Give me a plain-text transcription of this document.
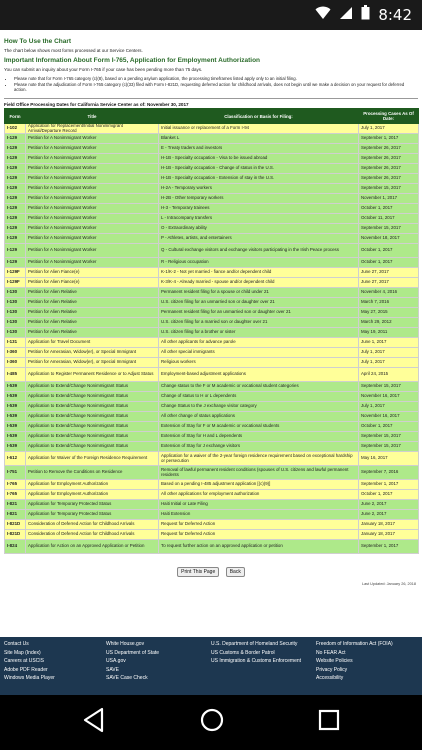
8:42
How To Use the Chart

The chart below shows most forms processed at our Service Centers.

Important Information About Form I-765, Application for Employment Authorization

You can submit an inquiry about your Form I-765 if your case has been pending more than 75 days.

• Please note that for Form I-765 category (c)(8), based on a pending asylum application, the processing timeframes listed apply only to an initial filing.
• Please note that the adjudication of Form I-765 category (c)(33) filed with Form I-821D, requesting deferred action for childhood arrivals, does not begin until we make a decision on your request for deferred action.
Field Office Processing Dates for California Service Center as of: November 30, 2017
Form	Title	Classification or Basis for Filing:	Processing Cases As Of Date:
I-102	Application for Replacement/Initial Nonimmigrant Arrival/Departure Record	Initial issuance or replacement of a Form I-94	July 1, 2017
I-129	Petition for A Nonimmigrant Worker	Blanket L	September 1, 2017
I-129	Petition for A Nonimmigrant Worker	E - Treaty traders and investors	September 26, 2017
I-129	Petition for A Nonimmigrant Worker	H-1B - Specialty occupation - Visa to be issued abroad	September 26, 2017
I-129	Petition for A Nonimmigrant Worker	H-1B - Specialty occupation - Change of status in the U.S.	September 26, 2017
I-129	Petition for A Nonimmigrant Worker	H-1B - Specialty occupation - Extension of stay in the U.S.	September 26, 2017
I-129	Petition for A Nonimmigrant Worker	H-2A - Temporary workers	September 15, 2017
I-129	Petition for A Nonimmigrant Worker	H-2B - Other temporary workers	November 1, 2017
I-129	Petition for A Nonimmigrant Worker	H-3 - Temporary trainees	October 1, 2017
I-129	Petition for A Nonimmigrant Worker	L - Intracompany transfers	October 11, 2017
I-129	Petition for A Nonimmigrant Worker	O - Extraordinary ability	September 15, 2017
I-129	Petition for A Nonimmigrant Worker	P - Athletes, artists, and entertainers	November 18, 2017
I-129	Petition for A Nonimmigrant Worker	Q - Cultural exchange visitors and exchange visitors participating in the Irish Peace process	October 1, 2017
I-129	Petition for A Nonimmigrant Worker	R - Religious occupation	October 1, 2017
I-129F	Petition for Alien Fiance(e)	K-1/K-2 - Not yet married - fiance and/or dependent child	June 27, 2017
I-129F	Petition for Alien Fiance(e)	K-3/K-4 - Already married - spouse and/or dependent child	June 27, 2017
I-130	Petition for Alien Relative	Permanent resident filing for a spouse or child under 21	November 4, 2016
I-130	Petition for Alien Relative	U.S. citizen filing for an unmarried son or daughter over 21	March 7, 2016
I-130	Petition for Alien Relative	Permanent resident filing for an unmarried son or daughter over 21	May 27, 2015
I-130	Petition for Alien Relative	U.S. citizen filing for a married son or daughter over 21	March 29, 2012
I-130	Petition for Alien Relative	U.S. citizen filing for a brother or sister	May 19, 2011
I-131	Application for Travel Document	All other applicants for advance parole	June 1, 2017
I-360	Petition for Amerasian, Widow(er), or Special Immigrant	All other special immigrants	July 1, 2017
I-360	Petition for Amerasian, Widow(er), or Special Immigrant	Religious workers	July 1, 2017
I-485	Application to Register Permanent Residence or to Adjust Status	Employment-based adjustment applications	April 24, 2015
I-539	Application to Extend/Change Nonimmigrant Status	Change status to the F or M academic or vocational student categories	September 15, 2017
I-539	Application to Extend/Change Nonimmigrant Status	Change of status to H or L dependents	November 16, 2017
I-539	Application to Extend/Change Nonimmigrant Status	Change Status to the J exchange visitor category	July 1, 2017
I-539	Application to Extend/Change Nonimmigrant Status	All other change of status applications	November 16, 2017
I-539	Application to Extend/Change Nonimmigrant Status	Extension of Stay for F or M academic or vocational students	October 1, 2017
I-539	Application to Extend/Change Nonimmigrant Status	Extension of Stay for H and L dependents	September 15, 2017
I-539	Application to Extend/Change Nonimmigrant Status	Extension of Stay for J exchange visitors	September 15, 2017
I-612	Application for Waiver of the Foreign Residence Requirement	Application for a waiver of the 2-year foreign residence requirement based on exceptional hardship or persecution	May 16, 2017
I-751	Petition to Remove the Conditions on Residence	Removal of lawful permanent resident conditions (spouses of U.S. citizens and lawful permanent residents	September 7, 2016
I-765	Application for Employment Authorization	Based on a pending I-485 adjustment application [(c)(9)]	September 1, 2017
I-765	Application for Employment Authorization	All other applications for employment authorization	October 1, 2017
I-821	Application for Temporary Protected Status	Haiti Initial or Late Filing	June 2, 2017
I-821	Application for Temporary Protected Status	Haiti Extension	June 2, 2017
I-821D	Consideration of Deferred Action for Childhood Arrivals	Request for Deferred Action	January 18, 2017
I-821D	Consideration of Deferred Action for Childhood Arrivals	Request for Deferred Action	January 18, 2017
I-824	Application for Action on an Approved Application or Petition	To request further action on an approved application or petition	September 1, 2017
Print This Page	Back
Last Updated: January 26, 2018
Contact Us
Site Map (Index)
Careers at USCIS
Adobe PDF Reader
Windows Media Player
White House.gov
US Department of State
USA.gov
SAVE
SAVE Case Check
U.S. Department of Homeland Security
US Customs & Border Patrol
US Immigration & Customs Enforcement
Freedom of Information Act (FOIA)
No FEAR Act
Website Policies
Privacy Policy
Accessibility
